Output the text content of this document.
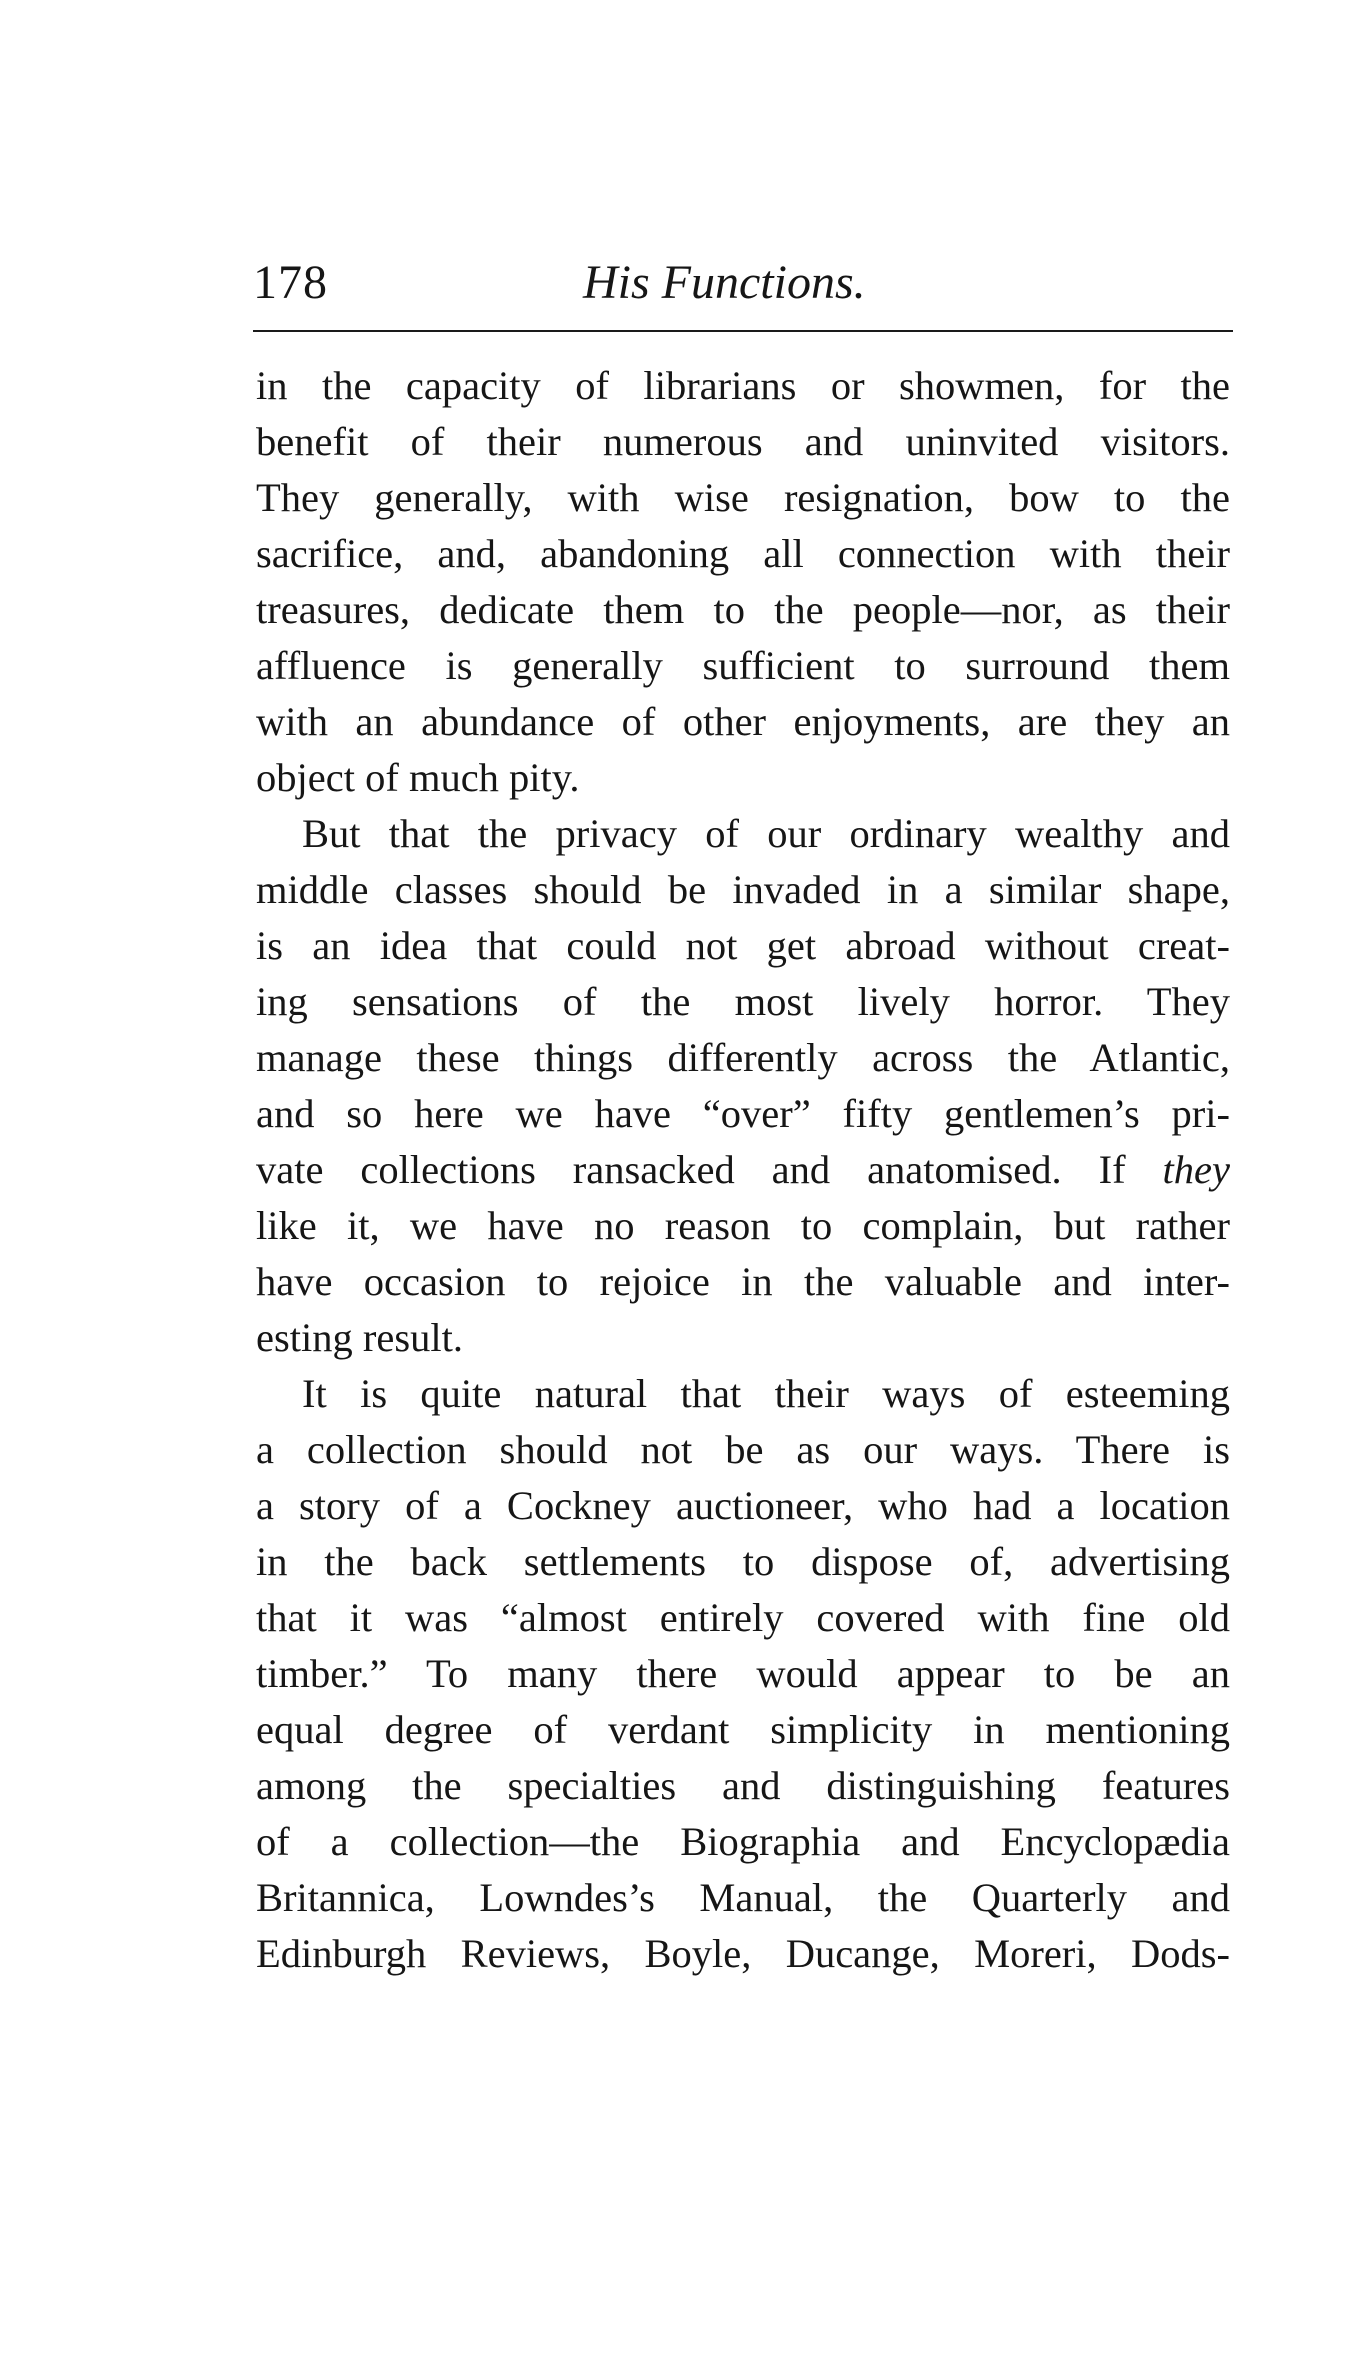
178	His Functions.
in the capacity of librarians or showmen, for the
benefit of their numerous and uninvited visitors.
They generally, with wise resignation, bow to the
sacrifice, and, abandoning all connection with their
treasures, dedicate them to the people—nor, as their
affluence is generally sufficient to surround them
with an abundance of other enjoyments, are they an
object of much pity.
But that the privacy of our ordinary wealthy and
middle classes should be invaded in a similar shape,
is an idea that could not get abroad without creat-
ing sensations of the most lively horror. They
manage these things differently across the Atlantic,
and so here we have “over” fifty gentlemen’s pri-
vate collections ransacked and anatomised. If they
like it, we have no reason to complain, but rather
have occasion to rejoice in the valuable and inter-
esting result.
It is quite natural that their ways of esteeming
a collection should not be as our ways. There is
a story of a Cockney auctioneer, who had a location
in the back settlements to dispose of, advertising
that it was “almost entirely covered with fine old
timber.” To many there would appear to be an
equal degree of verdant simplicity in mentioning
among the specialties and distinguishing features
of a collection—the Biographia and Encyclopædia
Britannica, Lowndes’s Manual, the Quarterly and
Edinburgh Reviews, Boyle, Ducange, Moreri, Dods-
